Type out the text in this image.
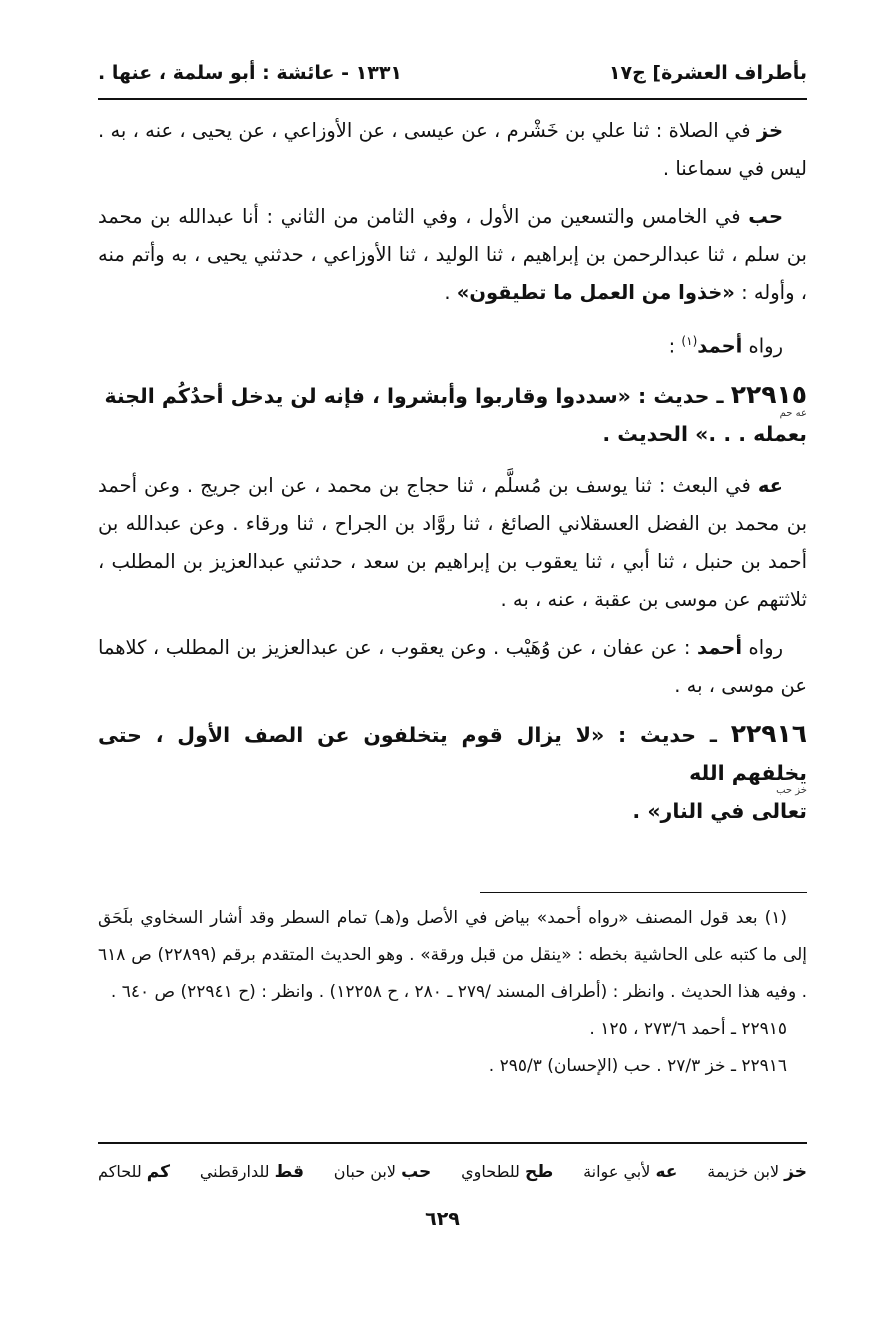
بأطراف العشرة] ج١٧
١٣٣١ - عائشة : أبو سلمة ، عنها .

خز في الصلاة : ثنا علي بن خَشْرم ، عن عيسى ، عن الأوزاعي ، عن يحيى ، عنه ، به . ليس في سماعنا .

حب في الخامس والتسعين من الأول ، وفي الثامن من الثاني : أنا عبدالله بن محمد بن سلم ، ثنا عبدالرحمن بن إبراهيم ، ثنا الوليد ، ثنا الأوزاعي ، حدثني يحيى ، به وأتم منه ، وأوله : «خذوا من العمل ما تطيقون» .

رواه أحمد$^{(١)}$ :

٢٢٩١٥ ـ حديث : «سددوا وقاربوا وأبشروا ، فإنه لن يدخل أحدُكُم الجنة
عه حم
بعمله . . .» الحديث .

عه في البعث : ثنا يوسف بن مُسلَّم ، ثنا حجاج بن محمد ، عن ابن جريج . وعن أحمد بن محمد بن الفضل العسقلاني الصائغ ، ثنا روَّاد بن الجراح ، ثنا ورقاء . وعن عبدالله بن أحمد بن حنبل ، ثنا أبي ، ثنا يعقوب بن إبراهيم بن سعد ، حدثني عبدالعزيز بن المطلب ، ثلاثتهم عن موسى بن عقبة ، عنه ، به .

رواه أحمد : عن عفان ، عن وُهَيْب . وعن يعقوب ، عن عبدالعزيز بن المطلب ، كلاهما عن موسى ، به .

٢٢٩١٦ ـ حديث : «لا يزال قوم يتخلفون عن الصف الأول ، حتى يخلفهم الله
خز حب
تعالى في النار» .

(١) بعد قول المصنف «رواه أحمد» بياض في الأصل و(هـ) تمام السطر وقد أشار السخاوي بلَحَق إلى ما كتبه على الحاشية بخطه : «ينقل من قبل ورقة» . وهو الحديث المتقدم برقم (٢٢٨٩٩) ص ٦١٨ . وفيه هذا الحديث . وانظر : (أطراف المسند /٢٧٩ ـ ٢٨٠ ، ح ١٢٢٥٨) . وانظر : (ح ٢٢٩٤١) ص ٦٤٠ .

٢٢٩١٥ ـ أحمد ٢٧٣/٦ ، ١٢٥ .

٢٢٩١٦ ـ خز ٢٧/٣ . حب (الإحسان) ٢٩٥/٣ .

خز لابن خزيمة
عه لأبي عوانة
طح للطحاوي
حب لابن حبان
قط للدارقطني
كم للحاكم
٦٢٩
